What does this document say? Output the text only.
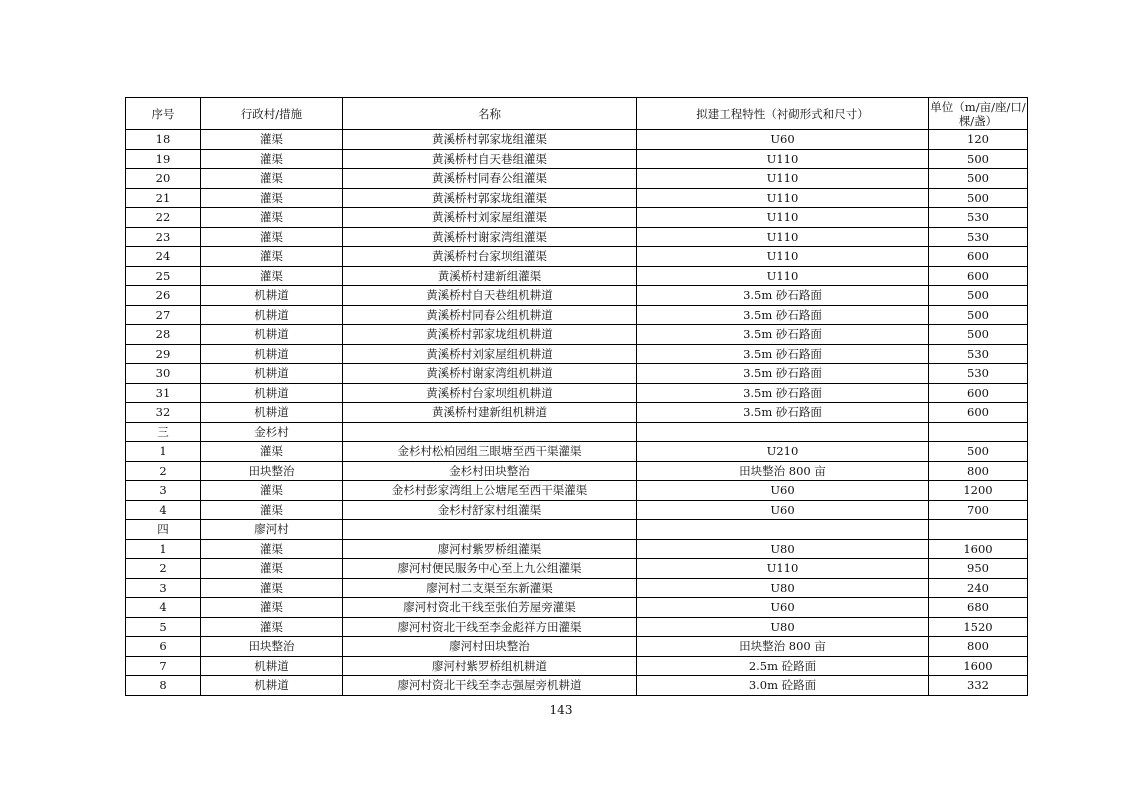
序号	行政村/措施	名称	拟建工程特性（衬砌形式和尺寸）	单位（m/亩/座/口/棵/盏）
18	灌渠	黄溪桥村郭家垅组灌渠	U60	120
19	灌渠	黄溪桥村自天巷组灌渠	U110	500
20	灌渠	黄溪桥村同春公组灌渠	U110	500
21	灌渠	黄溪桥村郭家垅组灌渠	U110	500
22	灌渠	黄溪桥村刘家屋组灌渠	U110	530
23	灌渠	黄溪桥村谢家湾组灌渠	U110	530
24	灌渠	黄溪桥村台家坝组灌渠	U110	600
25	灌渠	黄溪桥村建新组灌渠	U110	600
26	机耕道	黄溪桥村自天巷组机耕道	3.5m 砂石路面	500
27	机耕道	黄溪桥村同春公组机耕道	3.5m 砂石路面	500
28	机耕道	黄溪桥村郭家垅组机耕道	3.5m 砂石路面	500
29	机耕道	黄溪桥村刘家屋组机耕道	3.5m 砂石路面	530
30	机耕道	黄溪桥村谢家湾组机耕道	3.5m 砂石路面	530
31	机耕道	黄溪桥村台家坝组机耕道	3.5m 砂石路面	600
32	机耕道	黄溪桥村建新组机耕道	3.5m 砂石路面	600
三	金杉村			
1	灌渠	金杉村松柏园组三眼塘至西干渠灌渠	U210	500
2	田块整治	金杉村田块整治	田块整治 800 亩	800
3	灌渠	金杉村彭家湾组上公塘尾至西干渠灌渠	U60	1200
4	灌渠	金杉村舒家村组灌渠	U60	700
四	廖河村			
1	灌渠	廖河村紫罗桥组灌渠	U80	1600
2	灌渠	廖河村便民服务中心至上九公组灌渠	U110	950
3	灌渠	廖河村二支渠至东新灌渠	U80	240
4	灌渠	廖河村资北干线至张伯芳屋旁灌渠	U60	680
5	灌渠	廖河村资北干线至李金彪祥方田灌渠	U80	1520
6	田块整治	廖河村田块整治	田块整治 800 亩	800
7	机耕道	廖河村紫罗桥组机耕道	2.5m 砼路面	1600
8	机耕道	廖河村资北干线至李志强屋旁机耕道	3.0m 砼路面	332
143
